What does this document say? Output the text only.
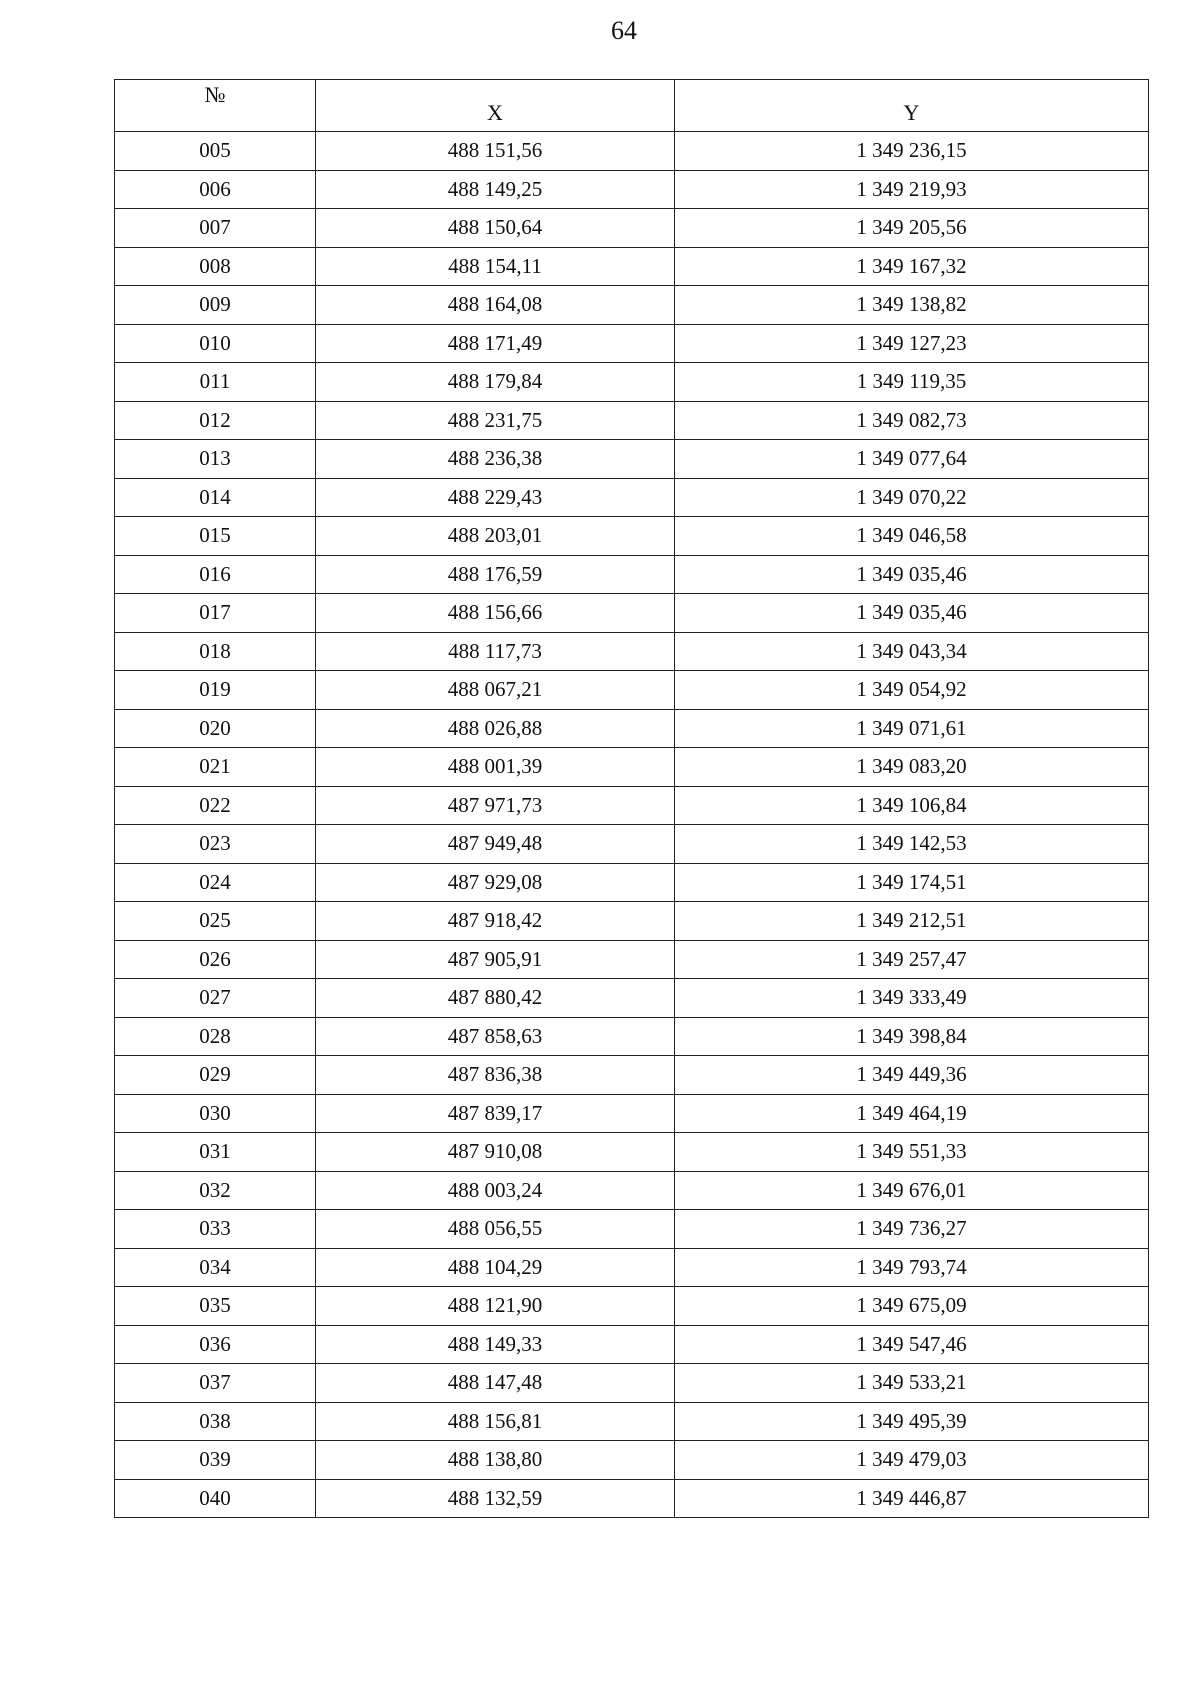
64
№	X	Y

005	488 151,56	1 349 236,15
006	488 149,25	1 349 219,93
007	488 150,64	1 349 205,56
008	488 154,11	1 349 167,32
009	488 164,08	1 349 138,82
010	488 171,49	1 349 127,23
011	488 179,84	1 349 119,35
012	488 231,75	1 349 082,73
013	488 236,38	1 349 077,64
014	488 229,43	1 349 070,22
015	488 203,01	1 349 046,58
016	488 176,59	1 349 035,46
017	488 156,66	1 349 035,46
018	488 117,73	1 349 043,34
019	488 067,21	1 349 054,92
020	488 026,88	1 349 071,61
021	488 001,39	1 349 083,20
022	487 971,73	1 349 106,84
023	487 949,48	1 349 142,53
024	487 929,08	1 349 174,51
025	487 918,42	1 349 212,51
026	487 905,91	1 349 257,47
027	487 880,42	1 349 333,49
028	487 858,63	1 349 398,84
029	487 836,38	1 349 449,36
030	487 839,17	1 349 464,19
031	487 910,08	1 349 551,33
032	488 003,24	1 349 676,01
033	488 056,55	1 349 736,27
034	488 104,29	1 349 793,74
035	488 121,90	1 349 675,09
036	488 149,33	1 349 547,46
037	488 147,48	1 349 533,21
038	488 156,81	1 349 495,39
039	488 138,80	1 349 479,03
040	488 132,59	1 349 446,87
